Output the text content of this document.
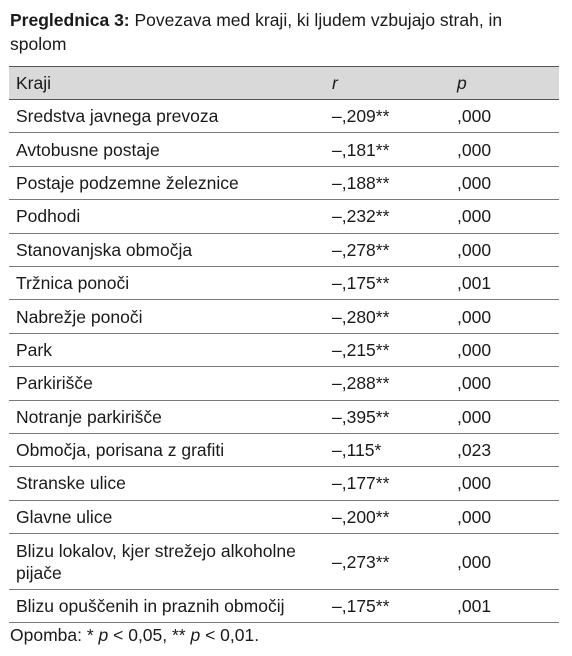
Preglednica 3: Povezava med kraji, ki ljudem vzbujajo strah, in spolom
Kraji	r	p
Sredstva javnega prevoza	–,209**	,000
Avtobusne postaje	–,181**	,000
Postaje podzemne železnice	–,188**	,000
Podhodi	–,232**	,000
Stanovanjska območja	–,278**	,000
Tržnica ponoči	–,175**	,001
Nabrežje ponoči	–,280**	,000
Park	–,215**	,000
Parkirišče	–,288**	,000
Notranje parkirišče	–,395**	,000
Območja, porisana z grafiti	–,115*	,023
Stranske ulice	–,177**	,000
Glavne ulice	–,200**	,000
Blizu lokalov, kjer strežejo alkoholne pijače	–,273**	,000
Blizu opuščenih in praznih območij	–,175**	,001
Opomba: * p < 0,05, ** p < 0,01.
